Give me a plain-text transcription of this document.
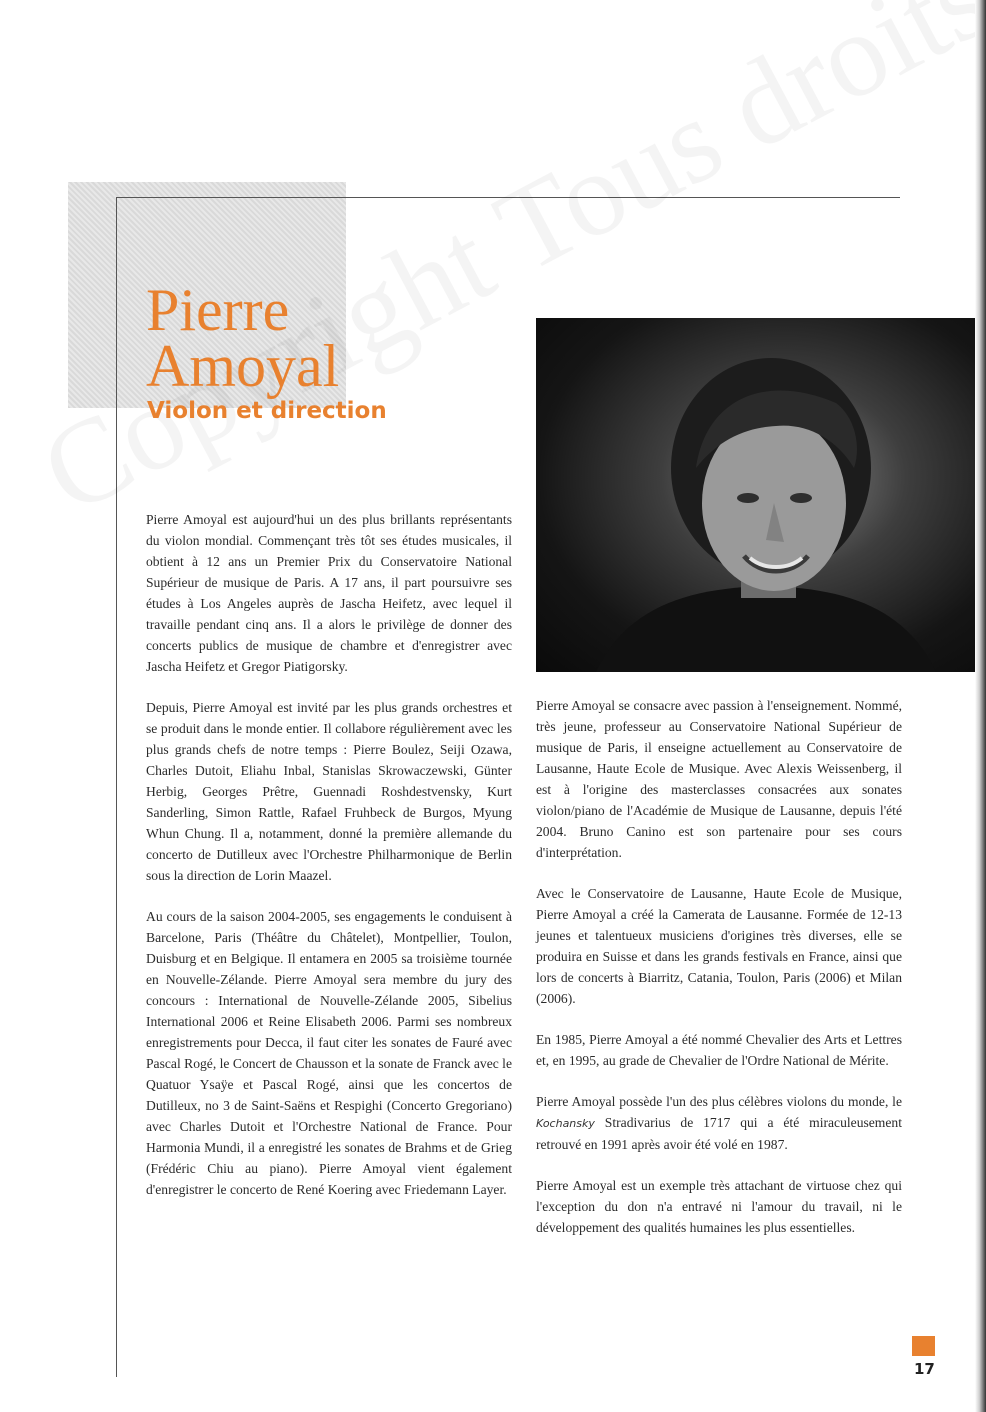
Pierre
Amoyal
Violon et direction

Pierre Amoyal est aujourd'hui un des plus brillants représentants du violon mondial. Commençant très tôt ses études musicales, il obtient à 12 ans un Premier Prix du Conservatoire National Supérieur de musique de Paris. A 17 ans, il part poursuivre ses études à Los Angeles auprès de Jascha Heifetz, avec lequel il travaille pendant cinq ans. Il a alors le privilège de donner des concerts publics de musique de chambre et d'enregistrer avec Jascha Heifetz et Gregor Piatigorsky.

Depuis, Pierre Amoyal est invité par les plus grands orchestres et se produit dans le monde entier. Il collabore régulièrement avec les plus grands chefs de notre temps : Pierre Boulez, Seiji Ozawa, Charles Dutoit, Eliahu Inbal, Stanislas Skrowaczewski, Günter Herbig, Georges Prêtre, Guennadi Roshdestvensky, Kurt Sanderling, Simon Rattle, Rafael Fruhbeck de Burgos, Myung Whun Chung. Il a, notamment, donné la première allemande du concerto de Dutilleux avec l'Orchestre Philharmonique de Berlin sous la direction de Lorin Maazel.

Au cours de la saison 2004-2005, ses engagements le conduisent à Barcelone, Paris (Théâtre du Châtelet), Montpellier, Toulon, Duisburg et en Belgique. Il entamera en 2005 sa troisième tournée en Nouvelle-Zélande. Pierre Amoyal sera membre du jury des concours : International de Nouvelle-Zélande 2005, Sibelius International 2006 et Reine Elisabeth 2006. Parmi ses nombreux enregistrements pour Decca, il faut citer les sonates de Fauré avec Pascal Rogé, le Concert de Chausson et la sonate de Franck avec le Quatuor Ysaÿe et Pascal Rogé, ainsi que les concertos de Dutilleux, no 3 de Saint-Saëns et Respighi (Concerto Gregoriano) avec Charles Dutoit et l'Orchestre National de France. Pour Harmonia Mundi, il a enregistré les sonates de Brahms et de Grieg (Frédéric Chiu au piano). Pierre Amoyal vient également d'enregistrer le concerto de René Koering avec Friedemann Layer.

Pierre Amoyal se consacre avec passion à l'enseignement. Nommé, très jeune, professeur au Conservatoire National Supérieur de musique de Paris, il enseigne actuellement au Conservatoire de Lausanne, Haute Ecole de Musique. Avec Alexis Weissenberg, il est à l'origine des masterclasses consacrées aux sonates violon/piano de l'Académie de Musique de Lausanne, depuis l'été 2004. Bruno Canino est son partenaire pour ses cours d'interprétation.

Avec le Conservatoire de Lausanne, Haute Ecole de Musique, Pierre Amoyal a créé la Camerata de Lausanne. Formée de 12-13 jeunes et talentueux musiciens d'origines très diverses, elle se produira en Suisse et dans les grands festivals en France, ainsi que lors de concerts à Biarritz, Catania, Toulon, Paris (2006) et Milan (2006).

En 1985, Pierre Amoyal a été nommé Chevalier des Arts et Lettres et, en 1995, au grade de Chevalier de l'Ordre National de Mérite.

Pierre Amoyal possède l'un des plus célèbres violons du monde, le Kochansky Stradivarius de 1717 qui a été miraculeusement retrouvé en 1991 après avoir été volé en 1987.

Pierre Amoyal est un exemple très attachant de virtuose chez qui l'exception du don n'a entravé ni l'amour du travail, ni le développement des qualités humaines les plus essentielles.

17
